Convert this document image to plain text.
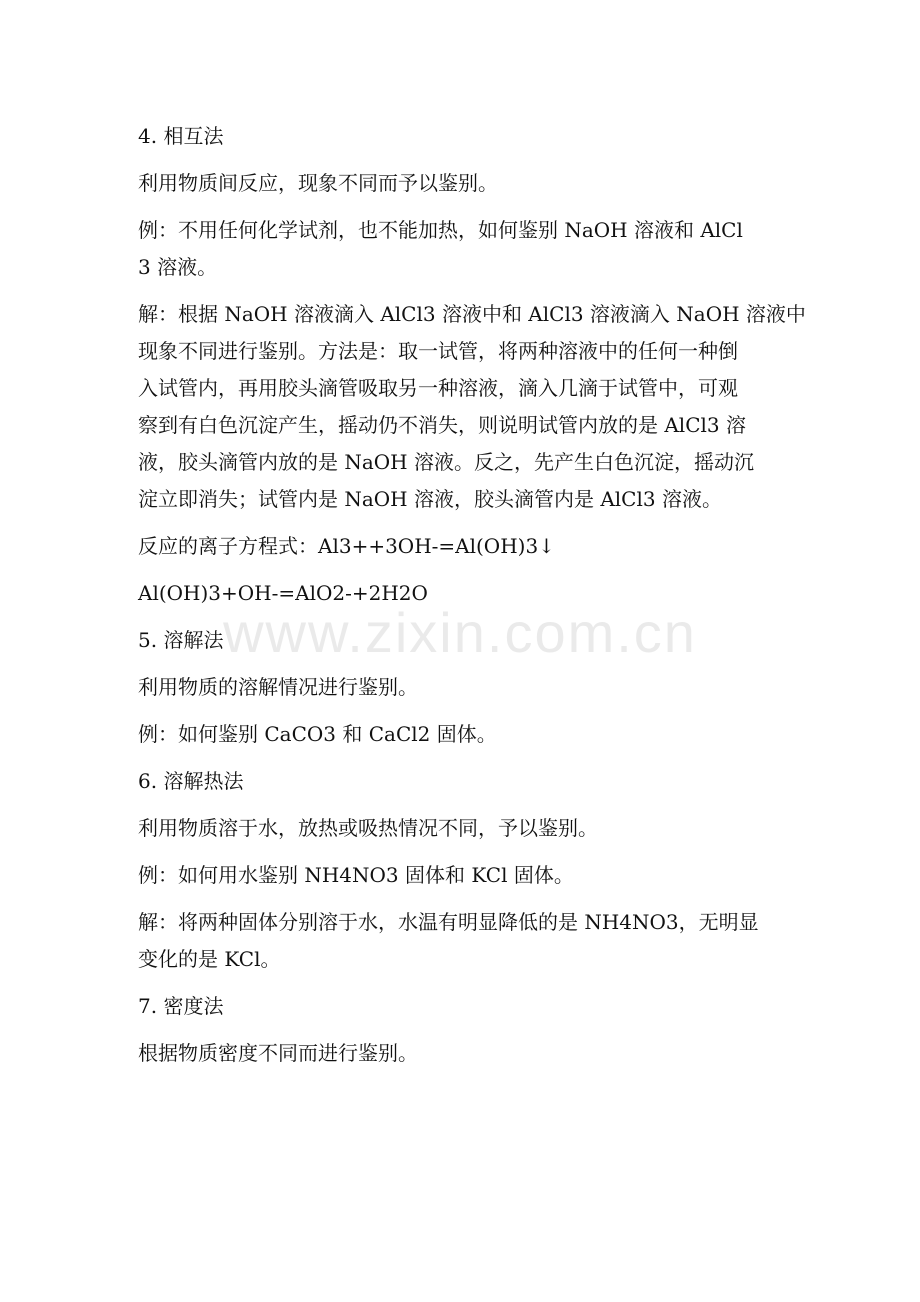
4. 相互法

利用物质间反应，现象不同而予以鉴别。

例：不用任何化学试剂，也不能加热，如何鉴别 NaOH 溶液和 AlCl
3 溶液。

解：根据 NaOH 溶液滴入 AlCl3 溶液中和 AlCl3 溶液滴入 NaOH 溶液中
现象不同进行鉴别。方法是：取一试管，将两种溶液中的任何一种倒
入试管内，再用胶头滴管吸取另一种溶液，滴入几滴于试管中，可观
察到有白色沉淀产生，摇动仍不消失，则说明试管内放的是 AlCl3 溶
液，胶头滴管内放的是 NaOH 溶液。反之，先产生白色沉淀，摇动沉
淀立即消失；试管内是 NaOH 溶液，胶头滴管内是 AlCl3 溶液。

反应的离子方程式：Al3++3OH-=Al(OH)3↓

Al(OH)3+OH-=AlO2-+2H2O

5. 溶解法

利用物质的溶解情况进行鉴别。

例：如何鉴别 CaCO3 和 CaCl2 固体。

6. 溶解热法

利用物质溶于水，放热或吸热情况不同，予以鉴别。

例：如何用水鉴别 NH4NO3 固体和 KCl 固体。

解：将两种固体分别溶于水，水温有明显降低的是 NH4NO3，无明显
变化的是 KCl。

7. 密度法

根据物质密度不同而进行鉴别。

www.zixin.com.cn
